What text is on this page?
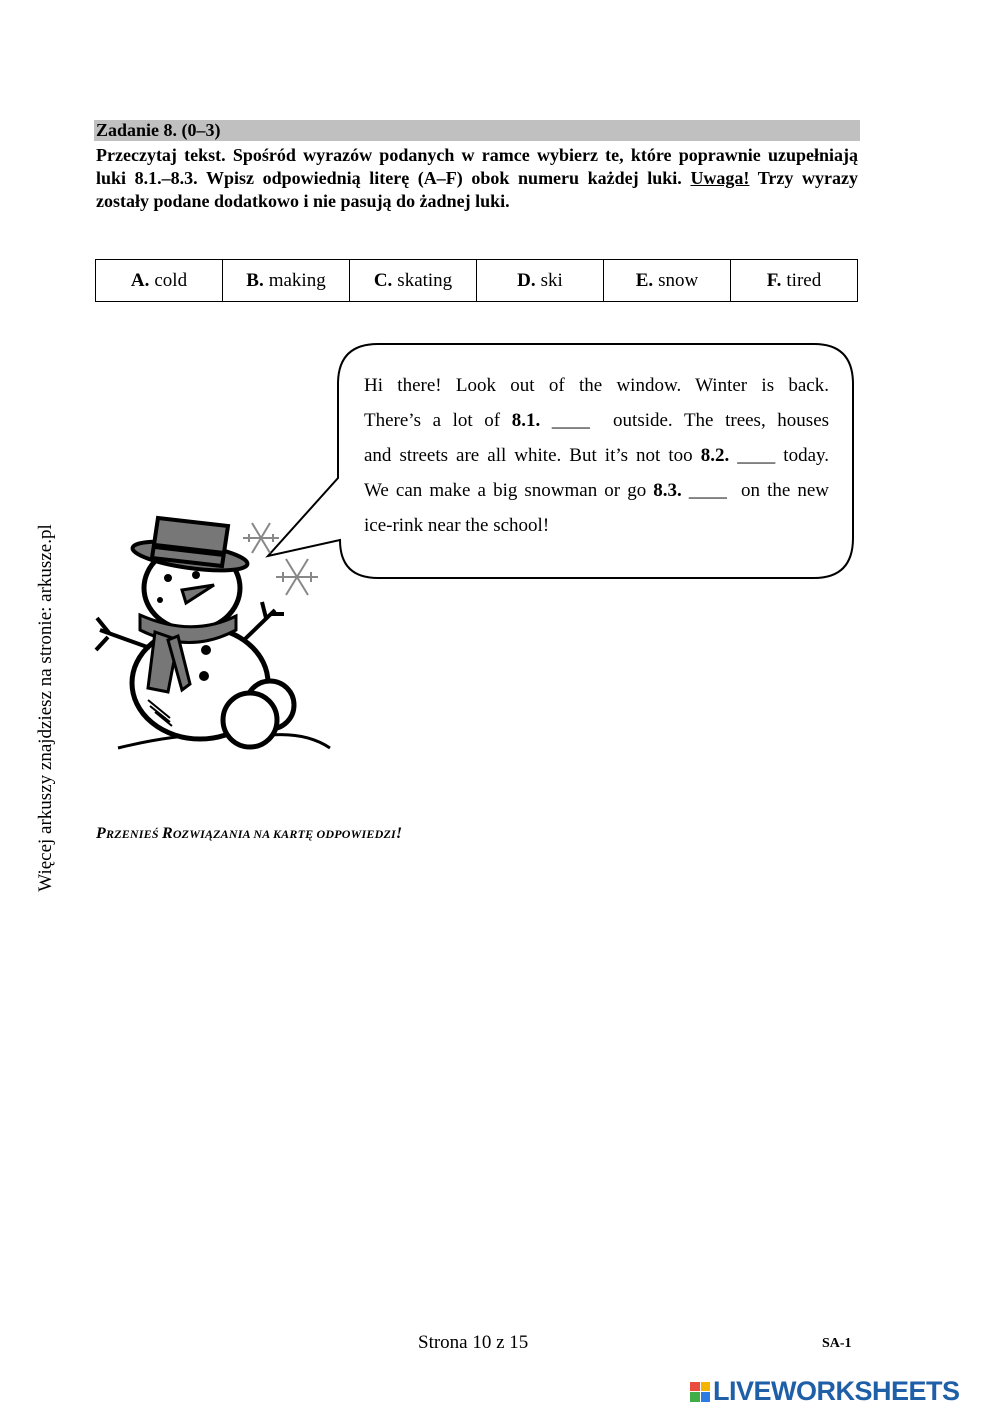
Więcej arkuszy znajdziesz na stronie: arkusze.pl
Zadanie 8. (0–3)
Przeczytaj tekst. Spośród wyrazów podanych w ramce wybierz te, które poprawnie uzupełniają luki 8.1.–8.3. Wpisz odpowiednią literę (A–F) obok numeru każdej luki. Uwaga! Trzy wyrazy zostały podane dodatkowo i nie pasują do żadnej luki.
A. cold	B. making	C. skating	D. ski	E. snow	F. tired
Hi there! Look out of the window. Winter is back.
There’s a lot of 8.1. ____ outside. The trees, houses
and streets are all white. But it’s not too 8.2. ____ today.
We can make a big snowman or go 8.3. ____ on the new
ice-rink near the school!
PRZENIEŚ ROZWIĄZANIA NA KARTĘ ODPOWIEDZI!
Strona 10 z 15	SA-1
LIVEWORKSHEETS
